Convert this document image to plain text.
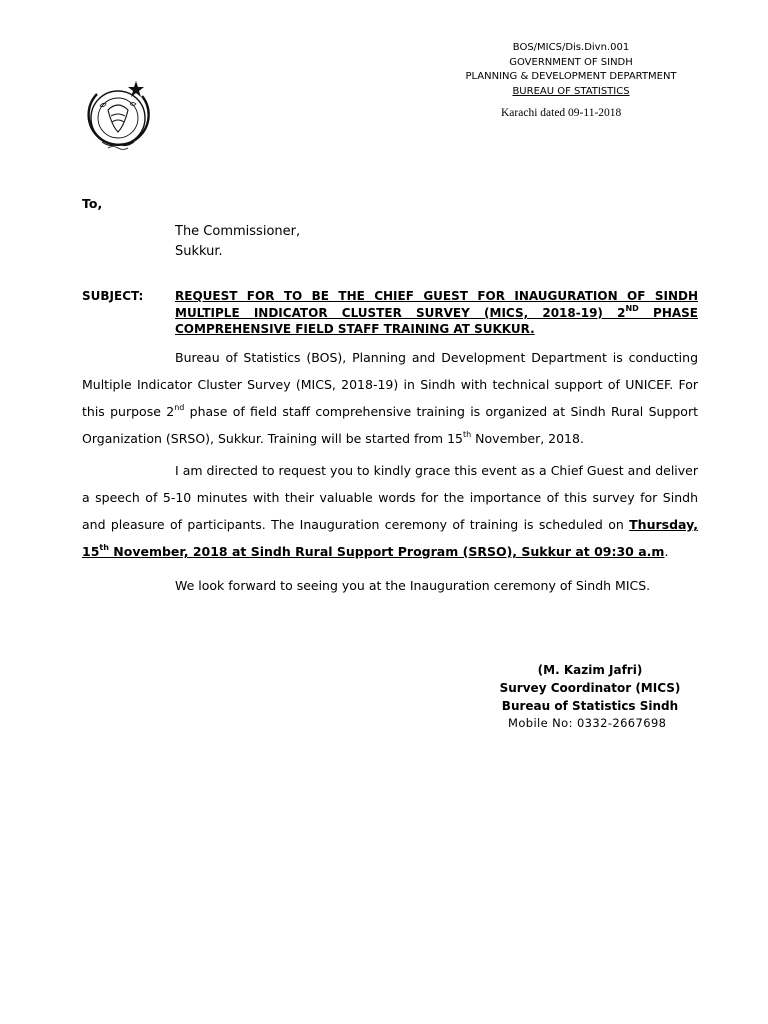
BOS/MICS/Dis.Divn.001
GOVERNMENT OF SINDH
PLANNING & DEVELOPMENT DEPARTMENT
BUREAU OF STATISTICS
Karachi dated 09-11-2018
To,
The Commissioner,
Sukkur.
SUBJECT:	REQUEST FOR TO BE THE CHIEF GUEST FOR INAUGURATION OF SINDH MULTIPLE INDICATOR CLUSTER SURVEY (MICS, 2018-19) 2ND PHASE COMPREHENSIVE FIELD STAFF TRAINING AT SUKKUR.
Bureau of Statistics (BOS), Planning and Development Department is conducting Multiple Indicator Cluster Survey (MICS, 2018-19) in Sindh with technical support of UNICEF. For this purpose 2nd phase of field staff comprehensive training is organized at Sindh Rural Support Organization (SRSO), Sukkur. Training will be started from 15th November, 2018.
I am directed to request you to kindly grace this event as a Chief Guest and deliver a speech of 5-10 minutes with their valuable words for the importance of this survey for Sindh and pleasure of participants. The Inauguration ceremony of training is scheduled on Thursday, 15th November, 2018 at Sindh Rural Support Program (SRSO), Sukkur at 09:30 a.m.
We look forward to seeing you at the Inauguration ceremony of Sindh MICS.
(M. Kazim Jafri)
Survey Coordinator (MICS)
Bureau of Statistics Sindh
Mobile No: 0332-2667698
